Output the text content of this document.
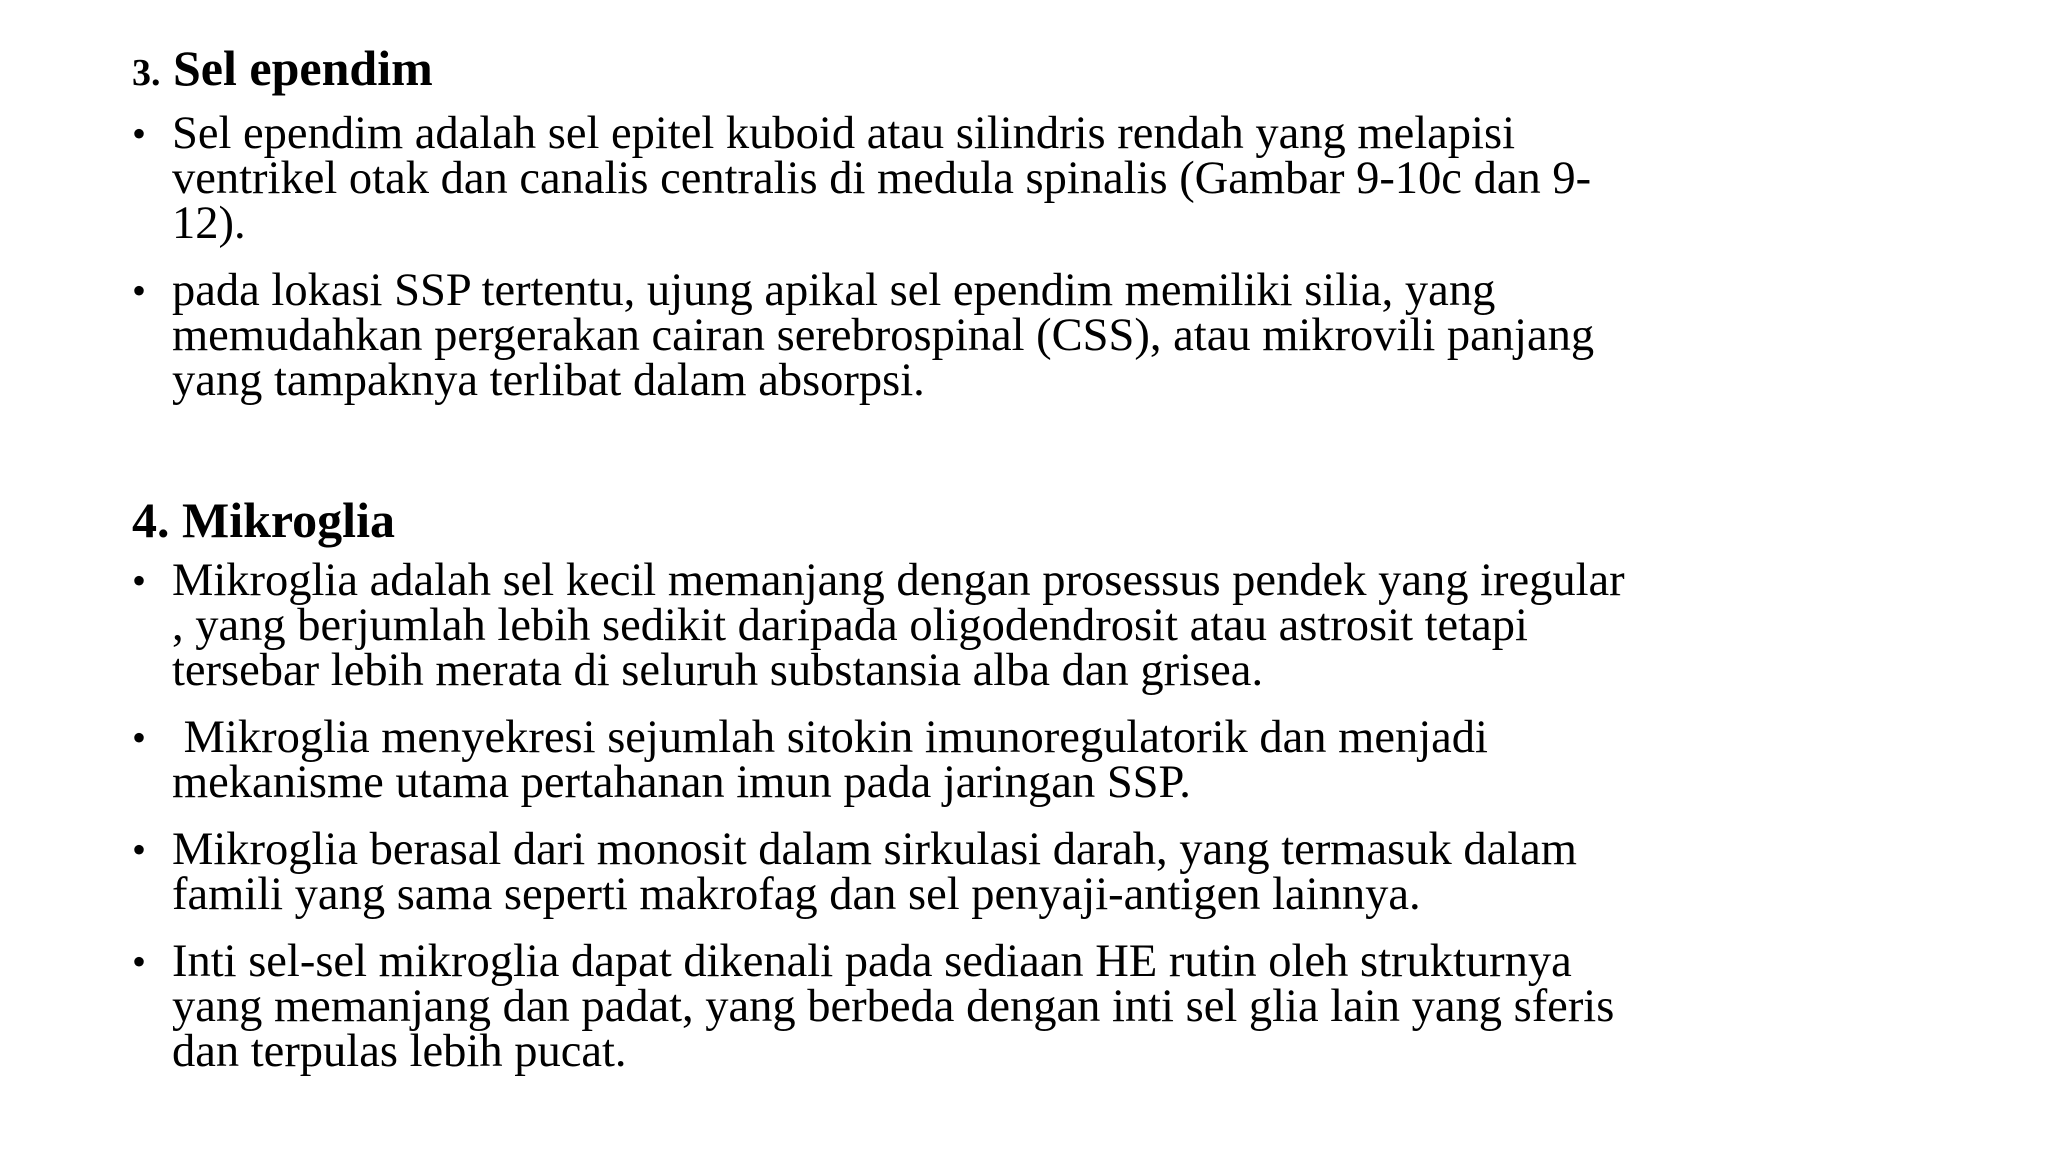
3. Sel ependim
• Sel ependim adalah sel epitel kuboid atau silindris rendah yang melapisi
ventrikel otak dan canalis centralis di medula spinalis (Gambar 9-10c dan 9-
12).
• pada lokasi SSP tertentu, ujung apikal sel ependim memiliki silia, yang
memudahkan pergerakan cairan serebrospinal (CSS), atau mikrovili panjang
yang tampaknya terlibat dalam absorpsi.
4. Mikroglia
• Mikroglia adalah sel kecil memanjang dengan prosessus pendek yang iregular
, yang berjumlah lebih sedikit daripada oligodendrosit atau astrosit tetapi
tersebar lebih merata di seluruh substansia alba dan grisea.
• Mikroglia menyekresi sejumlah sitokin imunoregulatorik dan menjadi
mekanisme utama pertahanan imun pada jaringan SSP.
• Mikroglia berasal dari monosit dalam sirkulasi darah, yang termasuk dalam
famili yang sama seperti makrofag dan sel penyaji-antigen lainnya.
• Inti sel-sel mikroglia dapat dikenali pada sediaan HE rutin oleh strukturnya
yang memanjang dan padat, yang berbeda dengan inti sel glia lain yang sferis
dan terpulas lebih pucat.
